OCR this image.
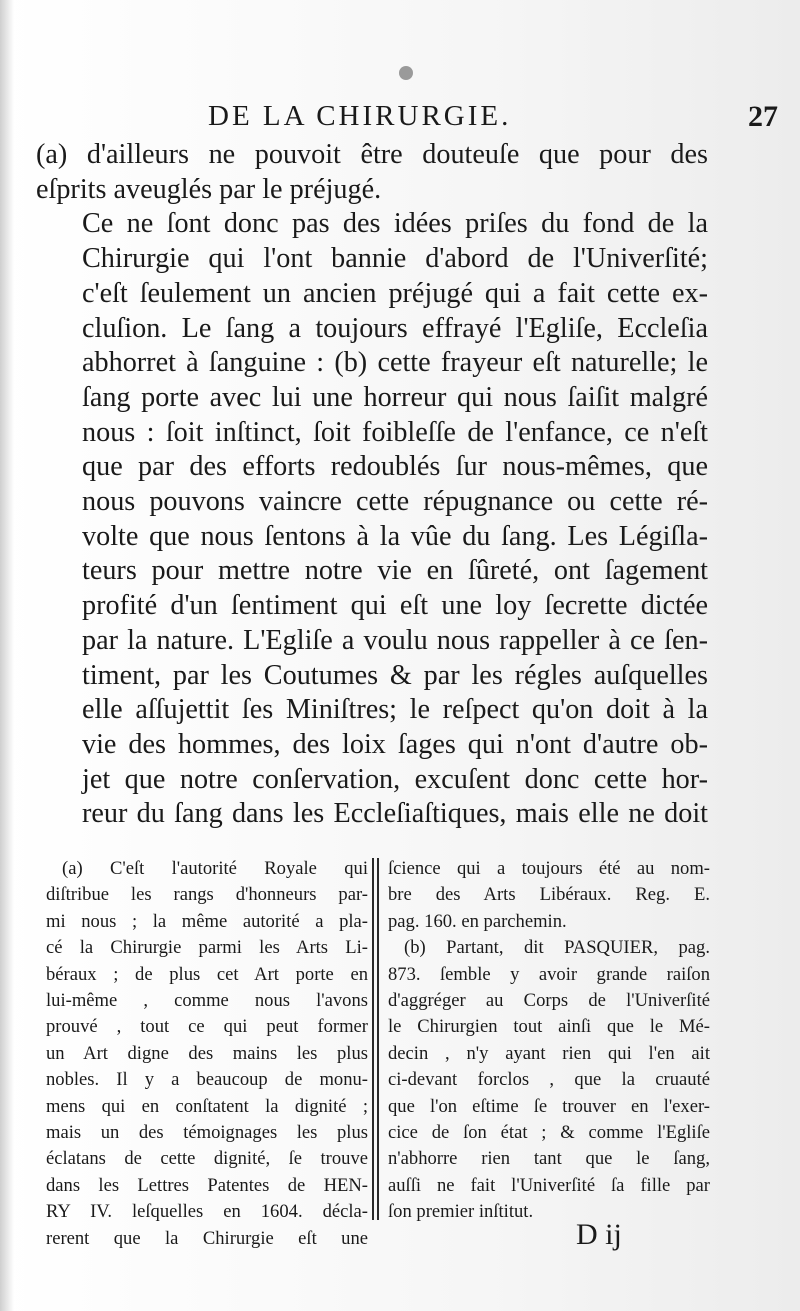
DE LA CHIRURGIE.	27

(a) d'ailleurs ne pouvoit être douteuſe que pour des
eſprits aveuglés par le préjugé.

Ce ne ſont donc pas des idées priſes du fond de la
Chirurgie qui l'ont bannie d'abord de l'Univerſité;
c'eſt ſeulement un ancien préjugé qui a fait cette ex-
cluſion. Le ſang a toujours effrayé l'Egliſe, Eccleſia
abhorret à ſanguine : (b) cette frayeur eſt naturelle; le
ſang porte avec lui une horreur qui nous ſaiſit malgré
nous : ſoit inſtinct, ſoit foibleſſe de l'enfance, ce n'eſt
que par des efforts redoublés ſur nous-mêmes, que
nous pouvons vaincre cette répugnance ou cette ré-
volte que nous ſentons à la vûe du ſang. Les Légiſla-
teurs pour mettre notre vie en ſûreté, ont ſagement
profité d'un ſentiment qui eſt une loy ſecrette dictée
par la nature. L'Egliſe a voulu nous rappeller à ce ſen-
timent, par les Coutumes & par les régles auſquelles
elle aſſujettit ſes Miniſtres; le reſpect qu'on doit à la
vie des hommes, des loix ſages qui n'ont d'autre ob-
jet que notre conſervation, excuſent donc cette hor-
reur du ſang dans les Eccleſiaſtiques, mais elle ne doit

(a) C'eſt l'autorité Royale qui
diſtribue les rangs d'honneurs par-
mi nous ; la même autorité a pla-
cé la Chirurgie parmi les Arts Li-
béraux ; de plus cet Art porte en
lui-même , comme nous l'avons
prouvé , tout ce qui peut former
un Art digne des mains les plus
nobles. Il y a beaucoup de monu-
mens qui en conſtatent la dignité ;
mais un des témoignages les plus
éclatans de cette dignité, ſe trouve
dans les Lettres Patentes de HEN-
RY IV. leſquelles en 1604. décla-
rerent que la Chirurgie eſt une
ſcience qui a toujours été au nom-
bre des Arts Libéraux. Reg. E.
pag. 160. en parchemin.
(b) Partant, dit PASQUIER, pag.
873. ſemble y avoir grande raiſon
d'aggréger au Corps de l'Univerſité
le Chirurgien tout ainſi que le Mé-
decin , n'y ayant rien qui l'en ait
ci-devant forclos , que la cruauté
que l'on eſtime ſe trouver en l'exer-
cice de ſon état ; & comme l'Egliſe
n'abhorre rien tant que le ſang,
auſſi ne fait l'Univerſité ſa fille par
ſon premier inſtitut.
D ij
